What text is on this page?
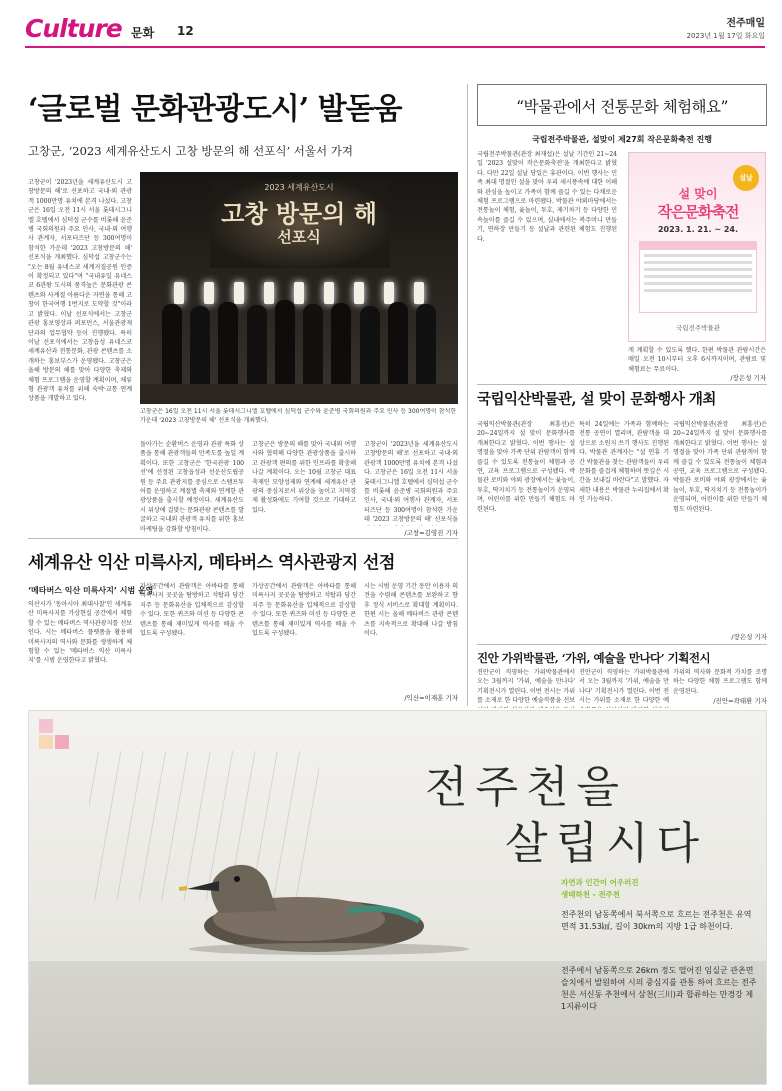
Culture 문화 12
전주매일
2023년 1월 17일 화요일
‘글로벌 문화관광도시’ 발돋움
고창군, ‘2023 세계유산도시 고창 방문의 해 선포식’ 서울서 가져
고창군이 '2023년을 세계유산도시 고창방문의 해'로 선포하고 국내·외 관광객 1000만명 유치에 본격 나섰다. 고창군은 16일 오전 11시 서울 롯데시그니엘 호텔에서 심덕섭 군수를 비롯해 윤준병 국회의원과 주요 인사, 국내·외 여행사 관계자, 서포터즈단 등 300여명이 참석한 가운데 '2023 고창방문의 해' 선포식을 개최했다. 심덕섭 고창군수는 "오는 8월 유네스코 세계지질공원 인증이 확정되고 있다"며 "국내유일 유네스코 6관왕 도시의 품격높은 문화관광 콘텐츠와 사계절 아름다운 자연을 통해 고창이 한국여행 1번지로 도약할 것"이라고 밝혔다. 이날 선포식에서는 고창군 관광 홍보영상과 퍼포먼스, 서울관광재단과의 업무협약 등이 진행됐다. 특히 이날 선포식에서는 고창읍성 유네스코 세계유산과 전통문화, 관광 콘텐츠를 소개하는 홍보부스가 운영됐다. 고창군은 올해 방문의 해를 맞아 다양한 축제와 체험 프로그램을 운영할 계획이며, 체류형 관광객 유치를 위해 숙박·교통 연계 상품을 개발하고 있다.
2023 세계유산도시
고창 방문의 해
선포식
고창군은 16일 오전 11시 서울 롯데시그니엘 호텔에서 심덕섭 군수와 윤준병 국회의원과 주요 인사 등 300여명이 참석한 가운데 '2023 고창방문의 해' 선포식을 개최했다.
돌아가는 순환버스 운영과 관광 특화 상품을 통해 관광객들의 만족도를 높일 계획이다. 또한 고창군은 '한국관광 100선'에 선정된 고창읍성과 선운산도립공원 등 주요 관광지를 중심으로 스탬프투어를 운영하고 계절별 축제와 연계한 관광상품을 출시할 예정이다. 세계유산도시 위상에 걸맞는 문화관광 콘텐츠를 발굴하고 국내외 관광객 유치를 위한 홍보마케팅을 강화할 방침이다.
고창군은 방문의 해를 맞아 국내외 여행사와 협력해 다양한 관광상품을 출시하고 관광객 편의를 위한 인프라를 확충해 나갈 계획이다. 오는 10월 고창군 대표축제인 모양성제와 연계해 세계유산 관광의 중심지로서 위상을 높이고 지역경제 활성화에도 기여할 것으로 기대하고 있다.
고창군이 '2023년을 세계유산도시 고창방문의 해'로 선포하고 국내·외 관광객 1000만명 유치에 본격 나섰다. 고창군은 16일 오전 11시 서울 롯데시그니엘 호텔에서 심덕섭 군수를 비롯해 윤준병 국회의원과 주요 인사, 국내·외 여행사 관계자, 서포터즈단 등 300여명이 참석한 가운데 '2023 고창방문의 해' 선포식을
/고창=김영진 기자
세계유산 익산 미륵사지, 메타버스 역사관광지 선점
‘메타버스 익산 미륵사지’ 시범 운영
익산시가 '동아시아 최대사찰'인 세계유산 미륵사지를 가상현실 공간에서 체험할 수 있는 메타버스 역사관광지를 선보인다. 시는 메타버스 플랫폼을 활용해 미륵사지의 역사와 문화를 생생하게 체험할 수 있는 '메타버스 익산 미륵사지'를 시범 운영한다고 밝혔다.
가상공간에서 관람객은 아바타를 통해 미륵사지 곳곳을 탐방하고 석탑과 당간지주 등 문화유산을 입체적으로 감상할 수 있다. 또한 퀴즈와 미션 등 다양한 콘텐츠를 통해 재미있게 역사를 배울 수 있도록 구성됐다.
가상공간에서 관람객은 아바타를 통해 미륵사지 곳곳을 탐방하고 석탑과 당간지주 등 문화유산을 입체적으로 감상할 수 있다. 또한 퀴즈와 미션 등 다양한 콘텐츠를 통해 재미있게 역사를 배울 수 있도록 구성됐다.
시는 시범 운영 기간 동안 이용자 의견을 수렴해 콘텐츠를 보완하고 향후 정식 서비스로 확대할 계획이다. 한편 시는 올해 메타버스 관광 콘텐츠를 지속적으로 확대해 나갈 방침이다.
/익산=이재훈 기자
“박물관에서 전통문화 체험해요”
국립전주박물관, 설맞이 제27회 작은문화축전 진행
국립전주박물관(관장 최재섭)은 설날 기간인 21~24일 '2023 설맞이 작은문화축전'을 개최한다고 밝혔다. 다만 22일 설날 당일은 휴관이다. 이번 행사는 민족 최대 명절인 설을 맞아 우리 세시풍속에 대한 이해와 관심을 높이고 가족이 함께 즐길 수 있는 다채로운 체험 프로그램으로 마련됐다. 박물관 야외마당에서는 전통놀이 체험, 윷놀이, 투호, 제기차기 등 다양한 민속놀이를 즐길 수 있으며, 실내에서는 복주머니 만들기, 연하장 만들기 등 설날과 관련된 체험도 진행된다.
설날
설 맞이
작은문화축전
2023. 1. 21. ~ 24.
국립전주박물관
게 계획할 수 있도록 했다. 한편 박물관 관람시간은 매일 오전 10시부터 오후 6시까지이며, 관람료 및 체험료는 무료이다.
/장은성 기자
국립익산박물관, 설 맞이 문화행사 개최
국립익산박물관(관장 최흥선)은 20~24일까지 설 맞이 문화행사를 개최한다고 밝혔다. 이번 행사는 설 명절을 맞아 가족 단위 관람객이 함께 즐길 수 있도록 전통놀이 체험과 공연, 교육 프로그램으로 구성됐다. 박물관 로비와 야외 광장에서는 윷놀이, 투호, 딱지치기 등 전통놀이가 운영되며, 어린이를 위한 만들기 체험도 마련된다.
특히 24일에는 가족과 함께하는 전통 공연이 열리며, 관람객을 대상으로 소원지 쓰기 행사도 진행된다. 박물관 관계자는 "설 연휴 기간 박물관을 찾는 관람객들이 우리 문화를 즐겁게 체험하며 뜻깊은 시간을 보내길 바란다"고 말했다. 자세한 내용은 박물관 누리집에서 확인 가능하다.
국립익산박물관(관장 최흥선)은 20~24일까지 설 맞이 문화행사를 개최한다고 밝혔다. 이번 행사는 설 명절을 맞아 가족 단위 관람객이 함께 즐길 수 있도록 전통놀이 체험과 공연, 교육 프로그램으로 구성됐다. 박물관 로비와 야외 광장에서는 윷놀이, 투호, 딱지치기 등 전통놀이가 운영되며, 어린이를 위한 만들기 체험도 마련된다.
/장은성 기자
진안 가위박물관, ‘가위, 예술을 만나다’ 기획전시
진안군이 직영하는 가위박물관에서 오는 3월까지 '가위, 예술을 만나다' 기획전시가 열린다. 이번 전시는 가위를 소재로 한 다양한 예술작품을 선보
진안군이 직영하는 가위박물관에서 오는 3월까지 '가위, 예술을 만나다' 기획전시가 열린다. 이번 전시는 가위를 소재로 한 다양한 예
가위의 역사와 문화적 가치를 조명하는 다양한 체험 프로그램도 함께 운영된다.
/진안=곽태환 기자
전주천을
살립시다
자연과 인간이 어우러진
생태하천 - 전주천
전주천의 남동쪽에서 북서쪽으로 흐르는 전주천은 유역면적 31.53㎢, 길이 30km의 지방 1급 하천이다.
전주에서 남동쪽으로 26km 정도 떨어진 임실군 관촌면 슬치에서 발원하여 시의 중심지를 관통 하여 흐르는 전주천은 서신동 추천에서 삼천(三川)과 합류하는 만경강 제1지류이다
